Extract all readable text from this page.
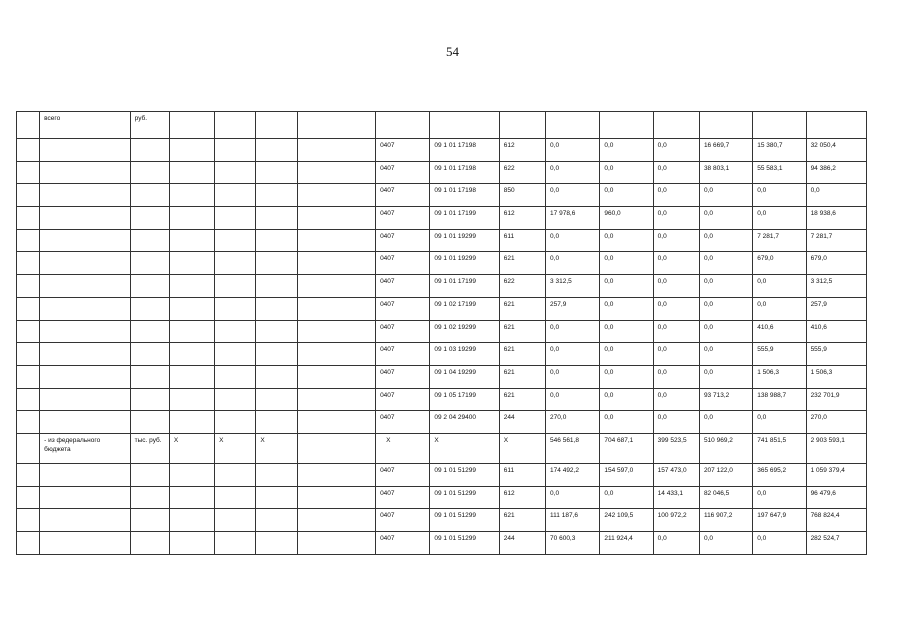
54
	всего	руб.													
							0407	09 1 01 17198	612	0,0	0,0	0,0	16 669,7	15 380,7	32 050,4
							0407	09 1 01 17198	622	0,0	0,0	0,0	38 803,1	55 583,1	94 386,2
							0407	09 1 01 17198	850	0,0	0,0	0,0	0,0	0,0	0,0
							0407	09 1 01 17199	612	17 978,6	960,0	0,0	0,0	0,0	18 938,6
							0407	09 1 01 19299	611	0,0	0,0	0,0	0,0	7 281,7	7 281,7
							0407	09 1 01 19299	621	0,0	0,0	0,0	0,0	679,0	679,0
							0407	09 1 01 17199	622	3 312,5	0,0	0,0	0,0	0,0	3 312,5
							0407	09 1 02 17199	621	257,9	0,0	0,0	0,0	0,0	257,9
							0407	09 1 02 19299	621	0,0	0,0	0,0	0,0	410,6	410,6
							0407	09 1 03 19299	621	0,0	0,0	0,0	0,0	555,9	555,9
							0407	09 1 04 19299	621	0,0	0,0	0,0	0,0	1 506,3	1 506,3
							0407	09 1 05 17199	621	0,0	0,0	0,0	93 713,2	138 988,7	232 701,9
							0407	09 2 04 29400	244	270,0	0,0	0,0	0,0	0,0	270,0
	- из федерального бюджета	тыс. руб.	Х	Х	Х		Х	Х	Х	546 561,8	704 687,1	399 523,5	510 969,2	741 851,5	2 903 593,1
							0407	09 1 01 51299	611	174 492,2	154 597,0	157 473,0	207 122,0	365 695,2	1 059 379,4
							0407	09 1 01 51299	612	0,0	0,0	14 433,1	82 046,5	0,0	96 479,6
							0407	09 1 01 51299	621	111 187,6	242 109,5	100 972,2	116 907,2	197 647,9	768 824,4
							0407	09 1 01 51299	244	70 600,3	211 924,4	0,0	0,0	0,0	282 524,7
